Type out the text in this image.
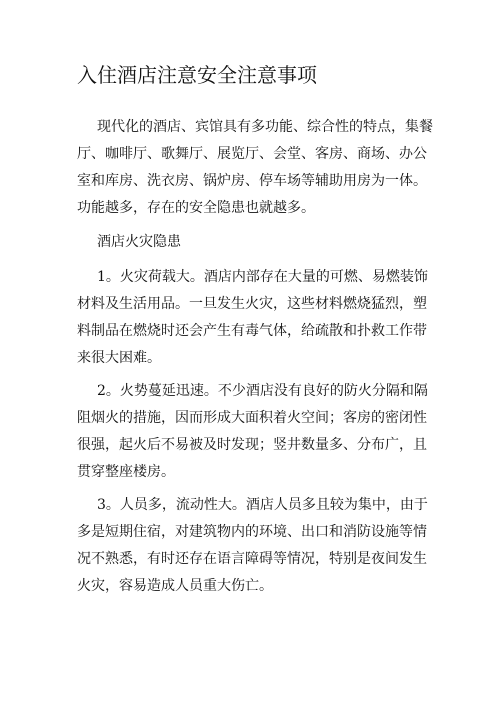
入住酒店注意安全注意事项

现代化的酒店、宾馆具有多功能、综合性的特点，集餐
厅、咖啡厅、歌舞厅、展览厅、会堂、客房、商场、办公
室和库房、洗衣房、锅炉房、停车场等辅助用房为一体。
功能越多，存在的安全隐患也就越多。

酒店火灾隐患

1。火灾荷载大。酒店内部存在大量的可燃、易燃装饰
材料及生活用品。一旦发生火灾，这些材料燃烧猛烈，塑
料制品在燃烧时还会产生有毒气体，给疏散和扑救工作带
来很大困难。

2。火势蔓延迅速。不少酒店没有良好的防火分隔和隔
阻烟火的措施，因而形成大面积着火空间；客房的密闭性
很强，起火后不易被及时发现；竖井数量多、分布广，且
贯穿整座楼房。

3。人员多，流动性大。酒店人员多且较为集中，由于
多是短期住宿，对建筑物内的环境、出口和消防设施等情
况不熟悉，有时还存在语言障碍等情况，特别是夜间发生
火灾，容易造成人员重大伤亡。
